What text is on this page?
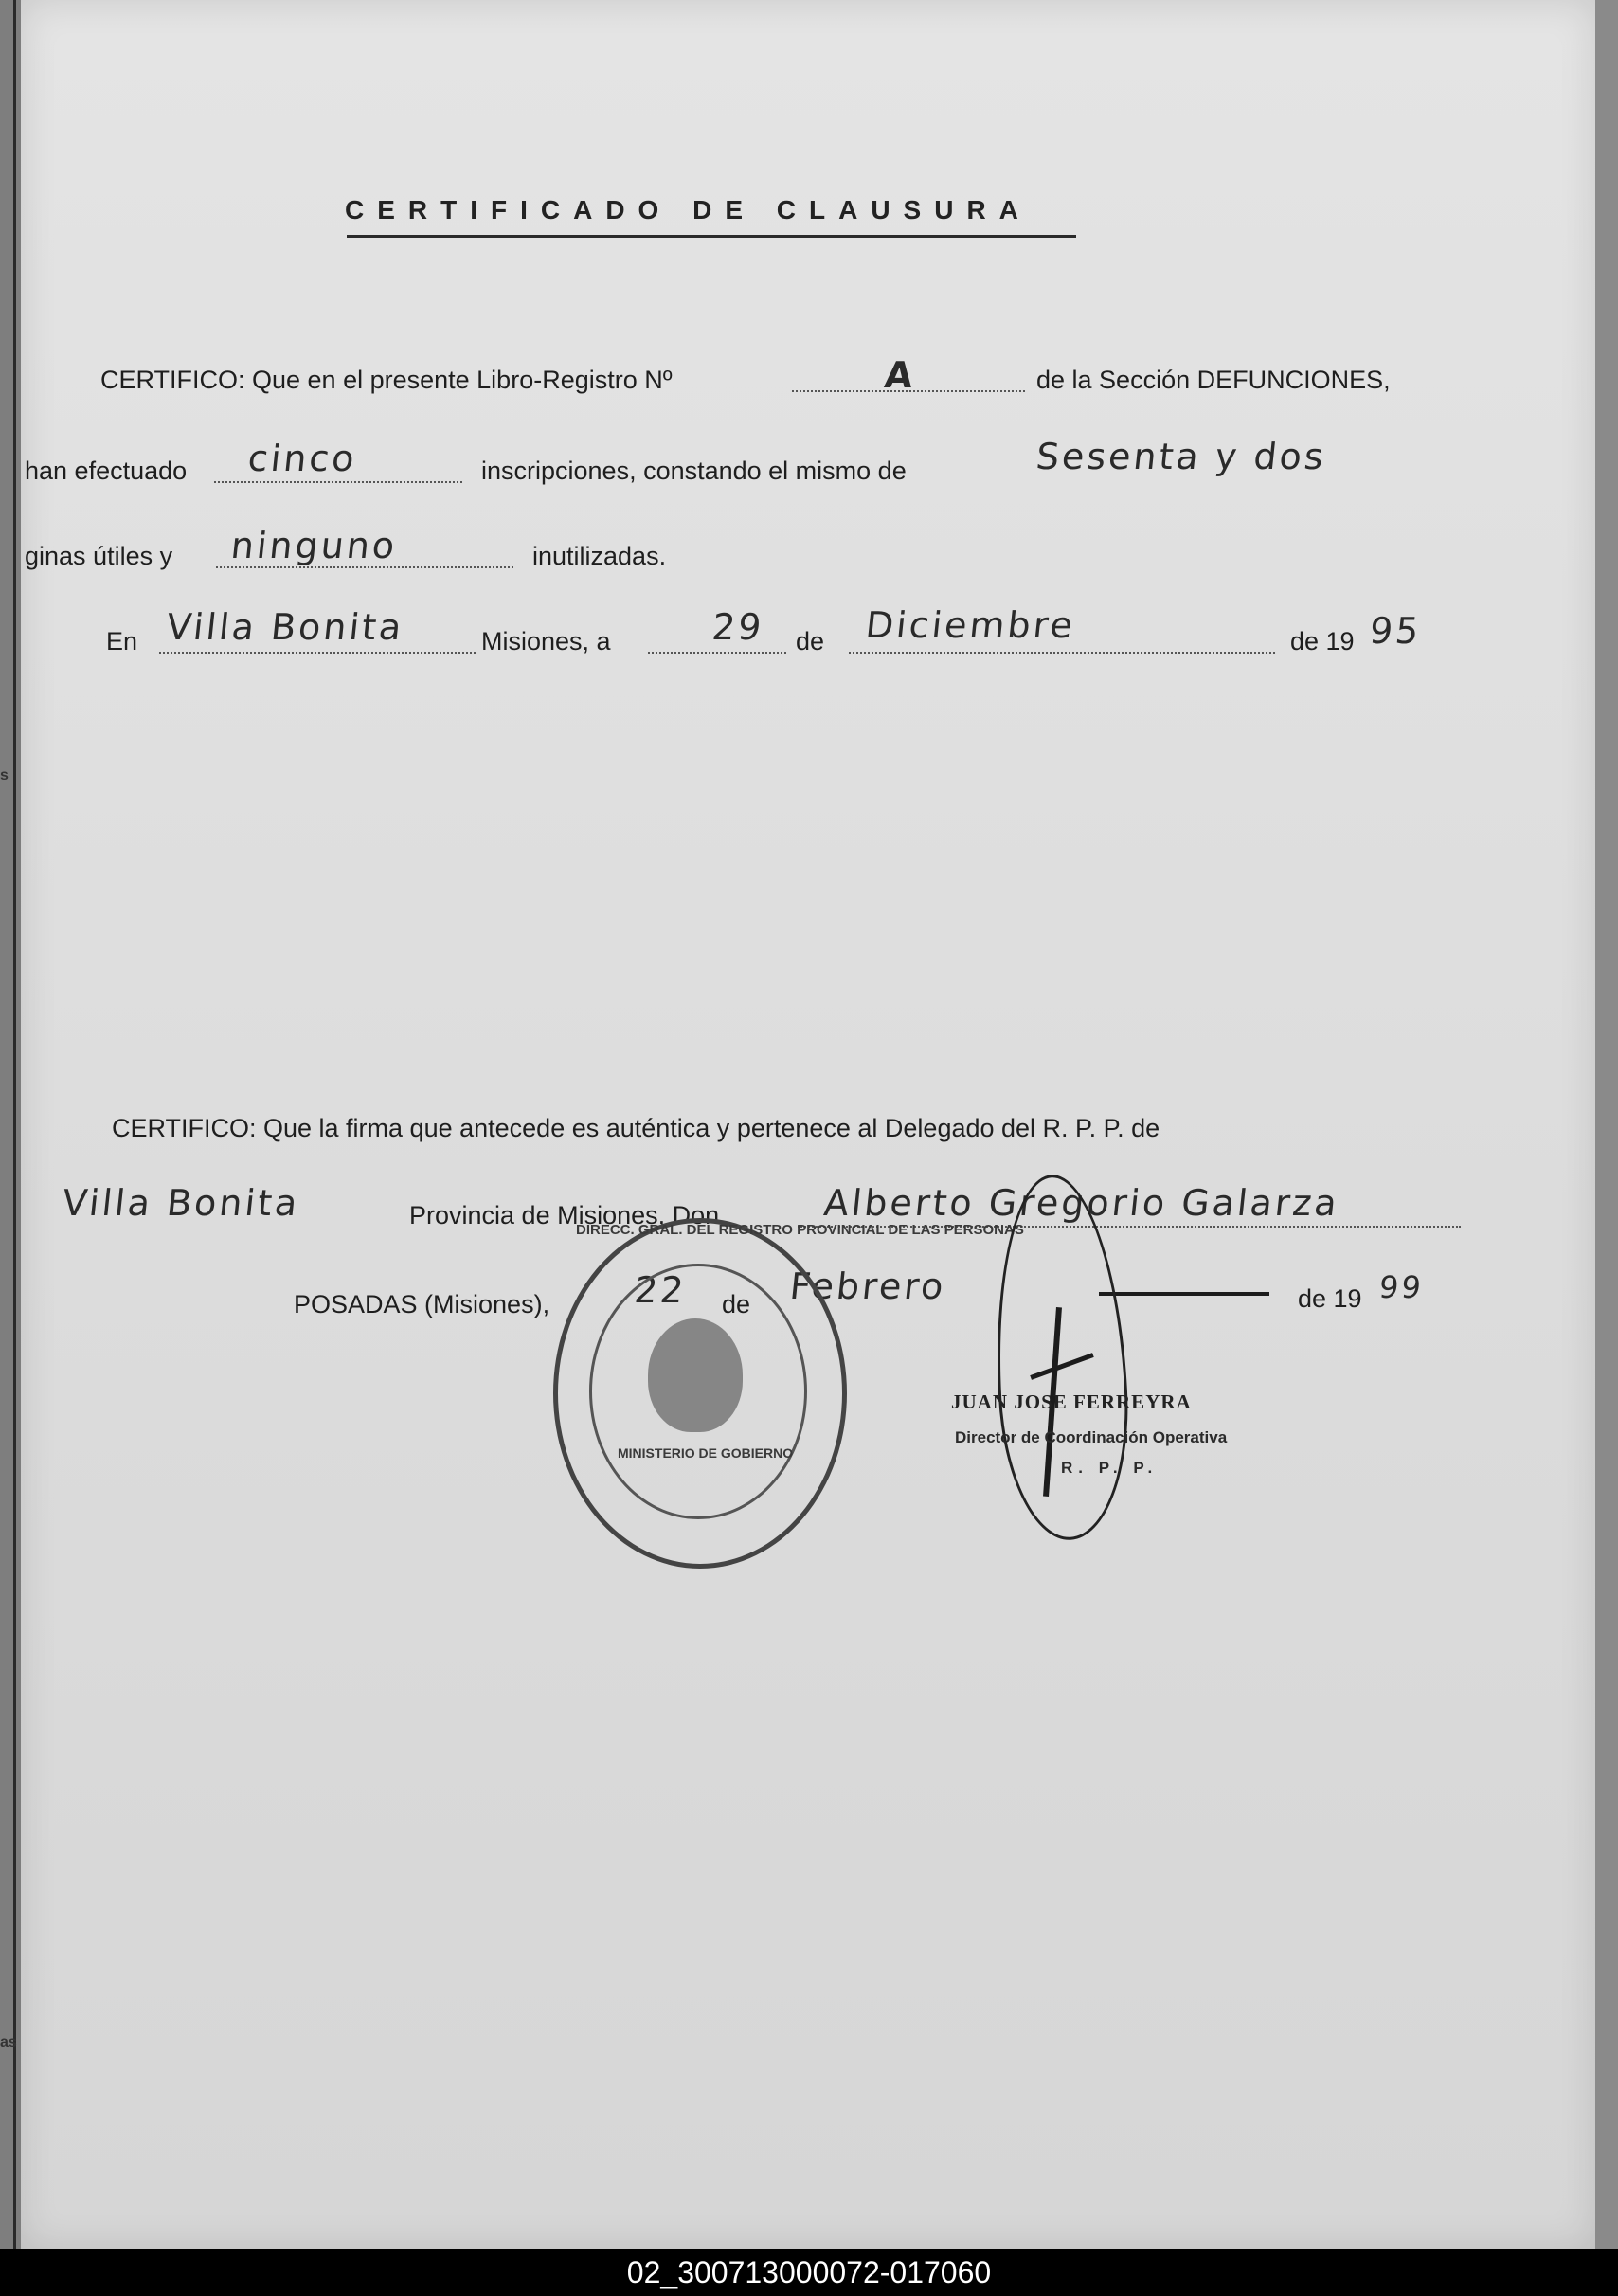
CERTIFICADO DE CLAUSURA
CERTIFICO: Que en el presente Libro-Registro Nº	A	de la Sección DEFUNCIONES,
han efectuado cinco	inscripciones, constando el mismo de	Sesenta y dos
ginas útiles y ninguno	inutilizadas.
En Villa Bonita	Misiones, a	29 de Diciembre	de 19 95
CERTIFICO: Que la firma que antecede es auténtica y pertenece al Delegado del R. P. P. de
Villa Bonita	Provincia de Misiones, Don	Alberto Gregorio Galarza
POSADAS (Misiones), 22 de Febrero	de 19 99
DIRECC. GRAL. DEL REGISTRO PROVINCIAL DE LAS PERSONAS
MINISTERIO DE GOBIERNO
JUAN JOSE FERREYRA
Director de Coordinación Operativa
R. P. P.
s
as
02_300713000072-017060
